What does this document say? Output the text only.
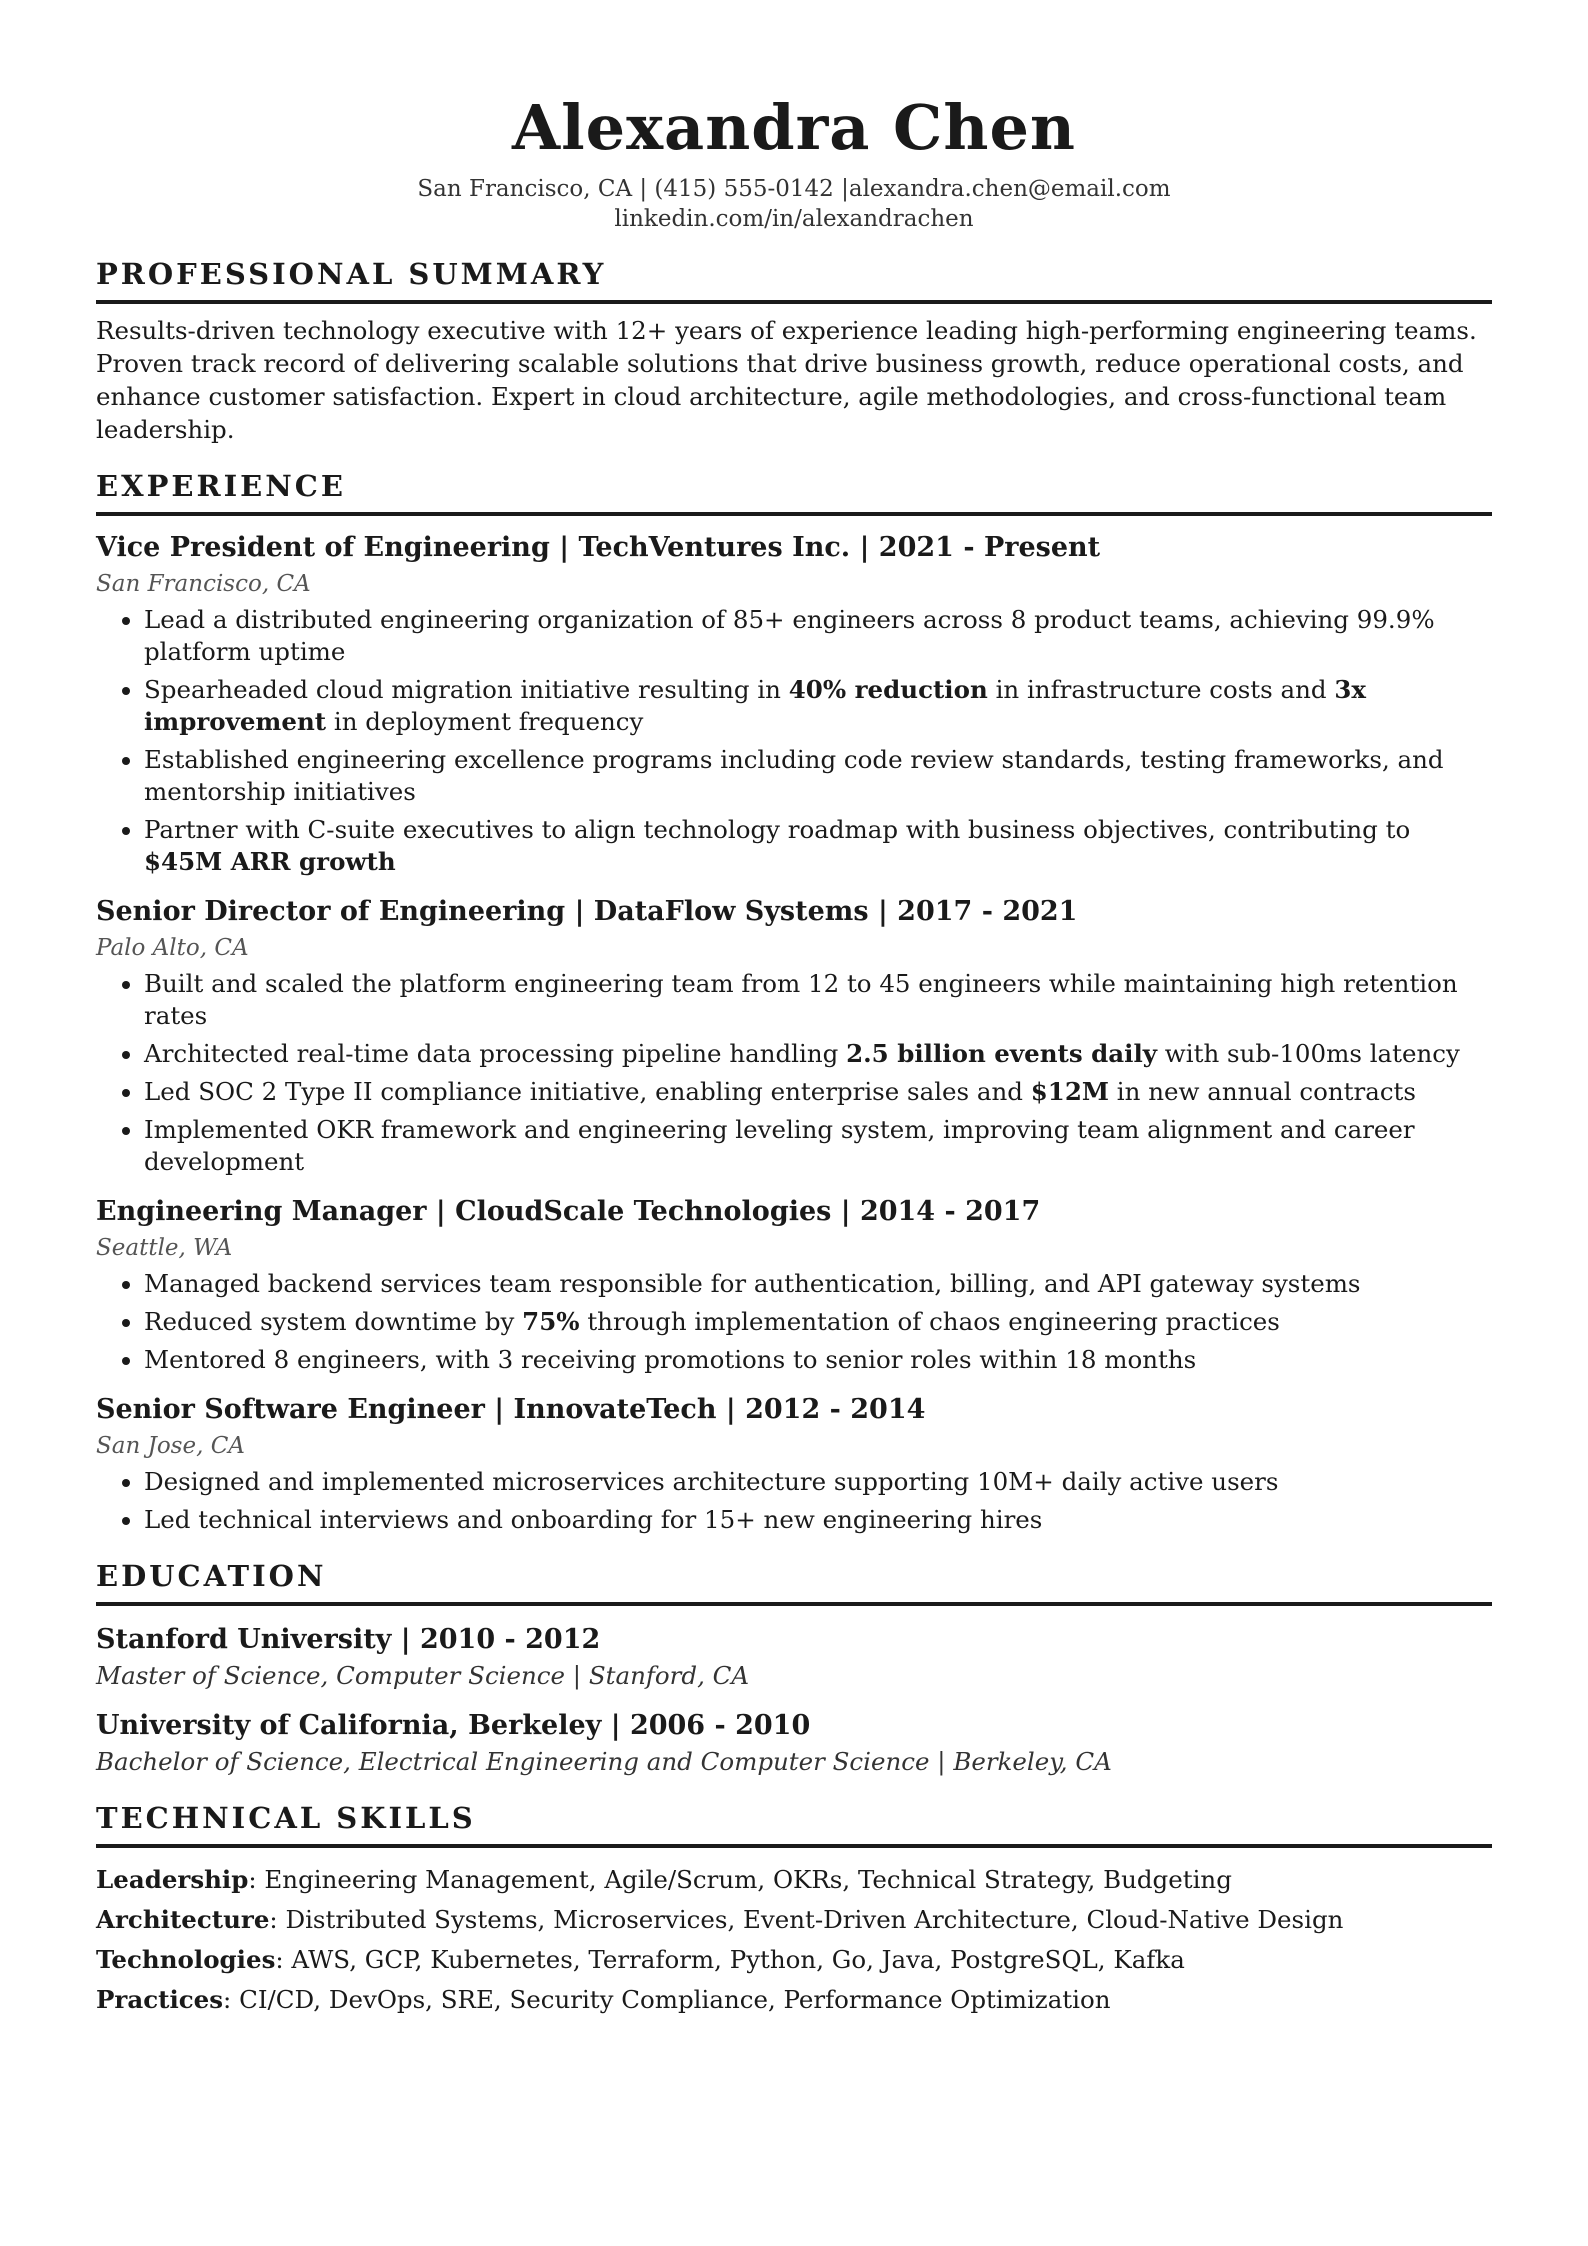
Alexandra Chen
San Francisco, CA | (415) 555-0142 |alexandra.chen@email.com
linkedin.com/in/alexandrachen
PROFESSIONAL SUMMARY
Results-driven technology executive with 12+ years of experience leading high-performing engineering teams. Proven track record of delivering scalable solutions that drive business growth, reduce operational costs, and enhance customer satisfaction. Expert in cloud architecture, agile methodologies, and cross-functional team leadership.
EXPERIENCE
Vice President of Engineering | TechVentures Inc. | 2021 - Present
San Francisco, CA
• Lead a distributed engineering organization of 85+ engineers across 8 product teams, achieving 99.9% platform uptime
• Spearheaded cloud migration initiative resulting in 40% reduction in infrastructure costs and 3x improvement in deployment frequency
• Established engineering excellence programs including code review standards, testing frameworks, and mentorship initiatives
• Partner with C-suite executives to align technology roadmap with business objectives, contributing to $45M ARR growth
Senior Director of Engineering | DataFlow Systems | 2017 - 2021
Palo Alto, CA
• Built and scaled the platform engineering team from 12 to 45 engineers while maintaining high retention rates
• Architected real-time data processing pipeline handling 2.5 billion events daily with sub-100ms latency
• Led SOC 2 Type II compliance initiative, enabling enterprise sales and $12M in new annual contracts
• Implemented OKR framework and engineering leveling system, improving team alignment and career development
Engineering Manager | CloudScale Technologies | 2014 - 2017
Seattle, WA
• Managed backend services team responsible for authentication, billing, and API gateway systems
• Reduced system downtime by 75% through implementation of chaos engineering practices
• Mentored 8 engineers, with 3 receiving promotions to senior roles within 18 months
Senior Software Engineer | InnovateTech | 2012 - 2014
San Jose, CA
• Designed and implemented microservices architecture supporting 10M+ daily active users
• Led technical interviews and onboarding for 15+ new engineering hires
EDUCATION
Stanford University | 2010 - 2012
Master of Science, Computer Science | Stanford, CA
University of California, Berkeley | 2006 - 2010
Bachelor of Science, Electrical Engineering and Computer Science | Berkeley, CA
TECHNICAL SKILLS
Leadership: Engineering Management, Agile/Scrum, OKRs, Technical Strategy, Budgeting
Architecture: Distributed Systems, Microservices, Event-Driven Architecture, Cloud-Native Design
Technologies: AWS, GCP, Kubernetes, Terraform, Python, Go, Java, PostgreSQL, Kafka
Practices: CI/CD, DevOps, SRE, Security Compliance, Performance Optimization
